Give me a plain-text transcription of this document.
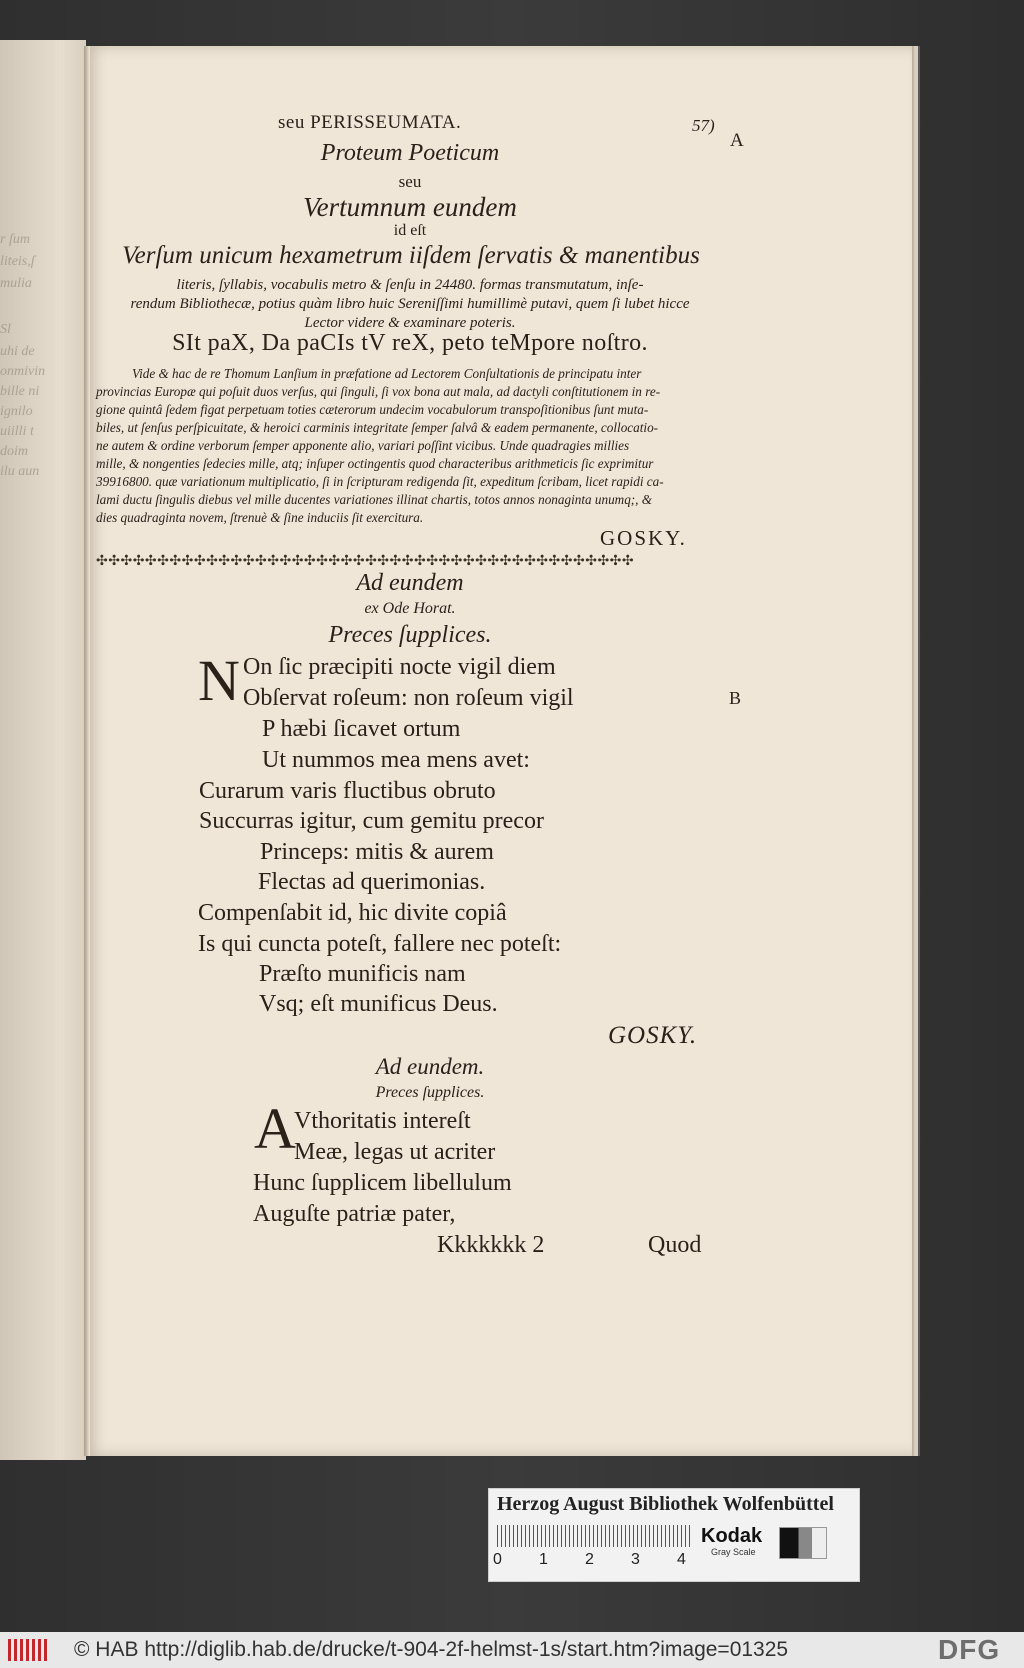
r ſum
liteis,ſ
mulia
Sl
uhi de
onmivin
bille ni
ignilo
uiilli t
doim
ilu aun
seu PERISSEUMATA.	57)
A
B
Proteum Poeticum
seu
Vertumnum eundem
id eſt
Verſum unicum hexametrum iiſdem ſervatis & manentibus
literis, ſyllabis, vocabulis metro & ſenſu in 24480. formas transmutatum, inſe-
rendum Bibliothecæ, potius quàm libro huic Sereniſſimi humillimè putavi, quem ſi lubet hicce
Lector videre & examinare poteris.
SIt paX, Da paCIs tV reX, peto teMpore noſtro.
Vide & hac de re Thomum Lanſium in præfatione ad Lectorem Conſultationis de principatu inter
provincias Europæ qui poſuit duos verſus, qui ſinguli, ſi vox bona aut mala, ad dactyli conſtitutionem in re-
gione quintâ ſedem figat perpetuam toties cæterorum undecim vocabulorum transpoſitionibus ſunt muta-
biles, ut ſenſus perſpicuitate, & heroici carminis integritate ſemper ſalvâ & eadem permanente, collocatio-
ne autem & ordine verborum ſemper apponente alio, variari poſſint vicibus. Unde quadragies millies
mille, & nongenties ſedecies mille, atq; inſuper octingentis quod characteribus arithmeticis ſic exprimitur
39916800. quæ variationum multiplicatio, ſi in ſcripturam redigenda ſit, expeditum ſcribam, licet rapidi ca-
lami ductu ſingulis diebus vel mille ducentes variationes illinat chartis, totos annos nonaginta unumq;, &
dies quadraginta novem, ſtrenuè & ſine induciis ſit exercitura.
GOSKY.
✣✣✣✣✣✣✣✣✣✣✣✣✣✣✣✣✣✣✣✣✣✣✣✣✣✣✣✣✣✣✣✣✣✣✣✣✣✣✣✣✣✣✣✣
Ad eundem
ex Ode Horat.
Preces ſupplices.
N On ſic præcipiti nocte vigil diem
Obſervat roſeum: non roſeum vigil
P hæbi ſicavet ortum
Ut nummos mea mens avet:
Curarum varis fluctibus obruto
Succurras igitur, cum gemitu precor
Princeps: mitis & aurem
Flectas ad querimonias.
Compenſabit id, hic divite copiâ
Is qui cuncta poteſt, fallere nec poteſt:
Præſto munificis nam
Vsq; eſt munificus Deus.
GOSKY.
Ad eundem.
Preces ſupplices.
A
Vthoritatis intereſt
Meæ, legas ut acriter
Hunc ſupplicem libellulum
Auguſte patriæ pater,
Kkkkkkk 2	Quod
Herzog August Bibliothek Wolfenbüttel
0 1 2 3 4
Kodak
Gray Scale
© HAB http://diglib.hab.de/drucke/t-904-2f-helmst-1s/start.htm?image=01325	DFG
